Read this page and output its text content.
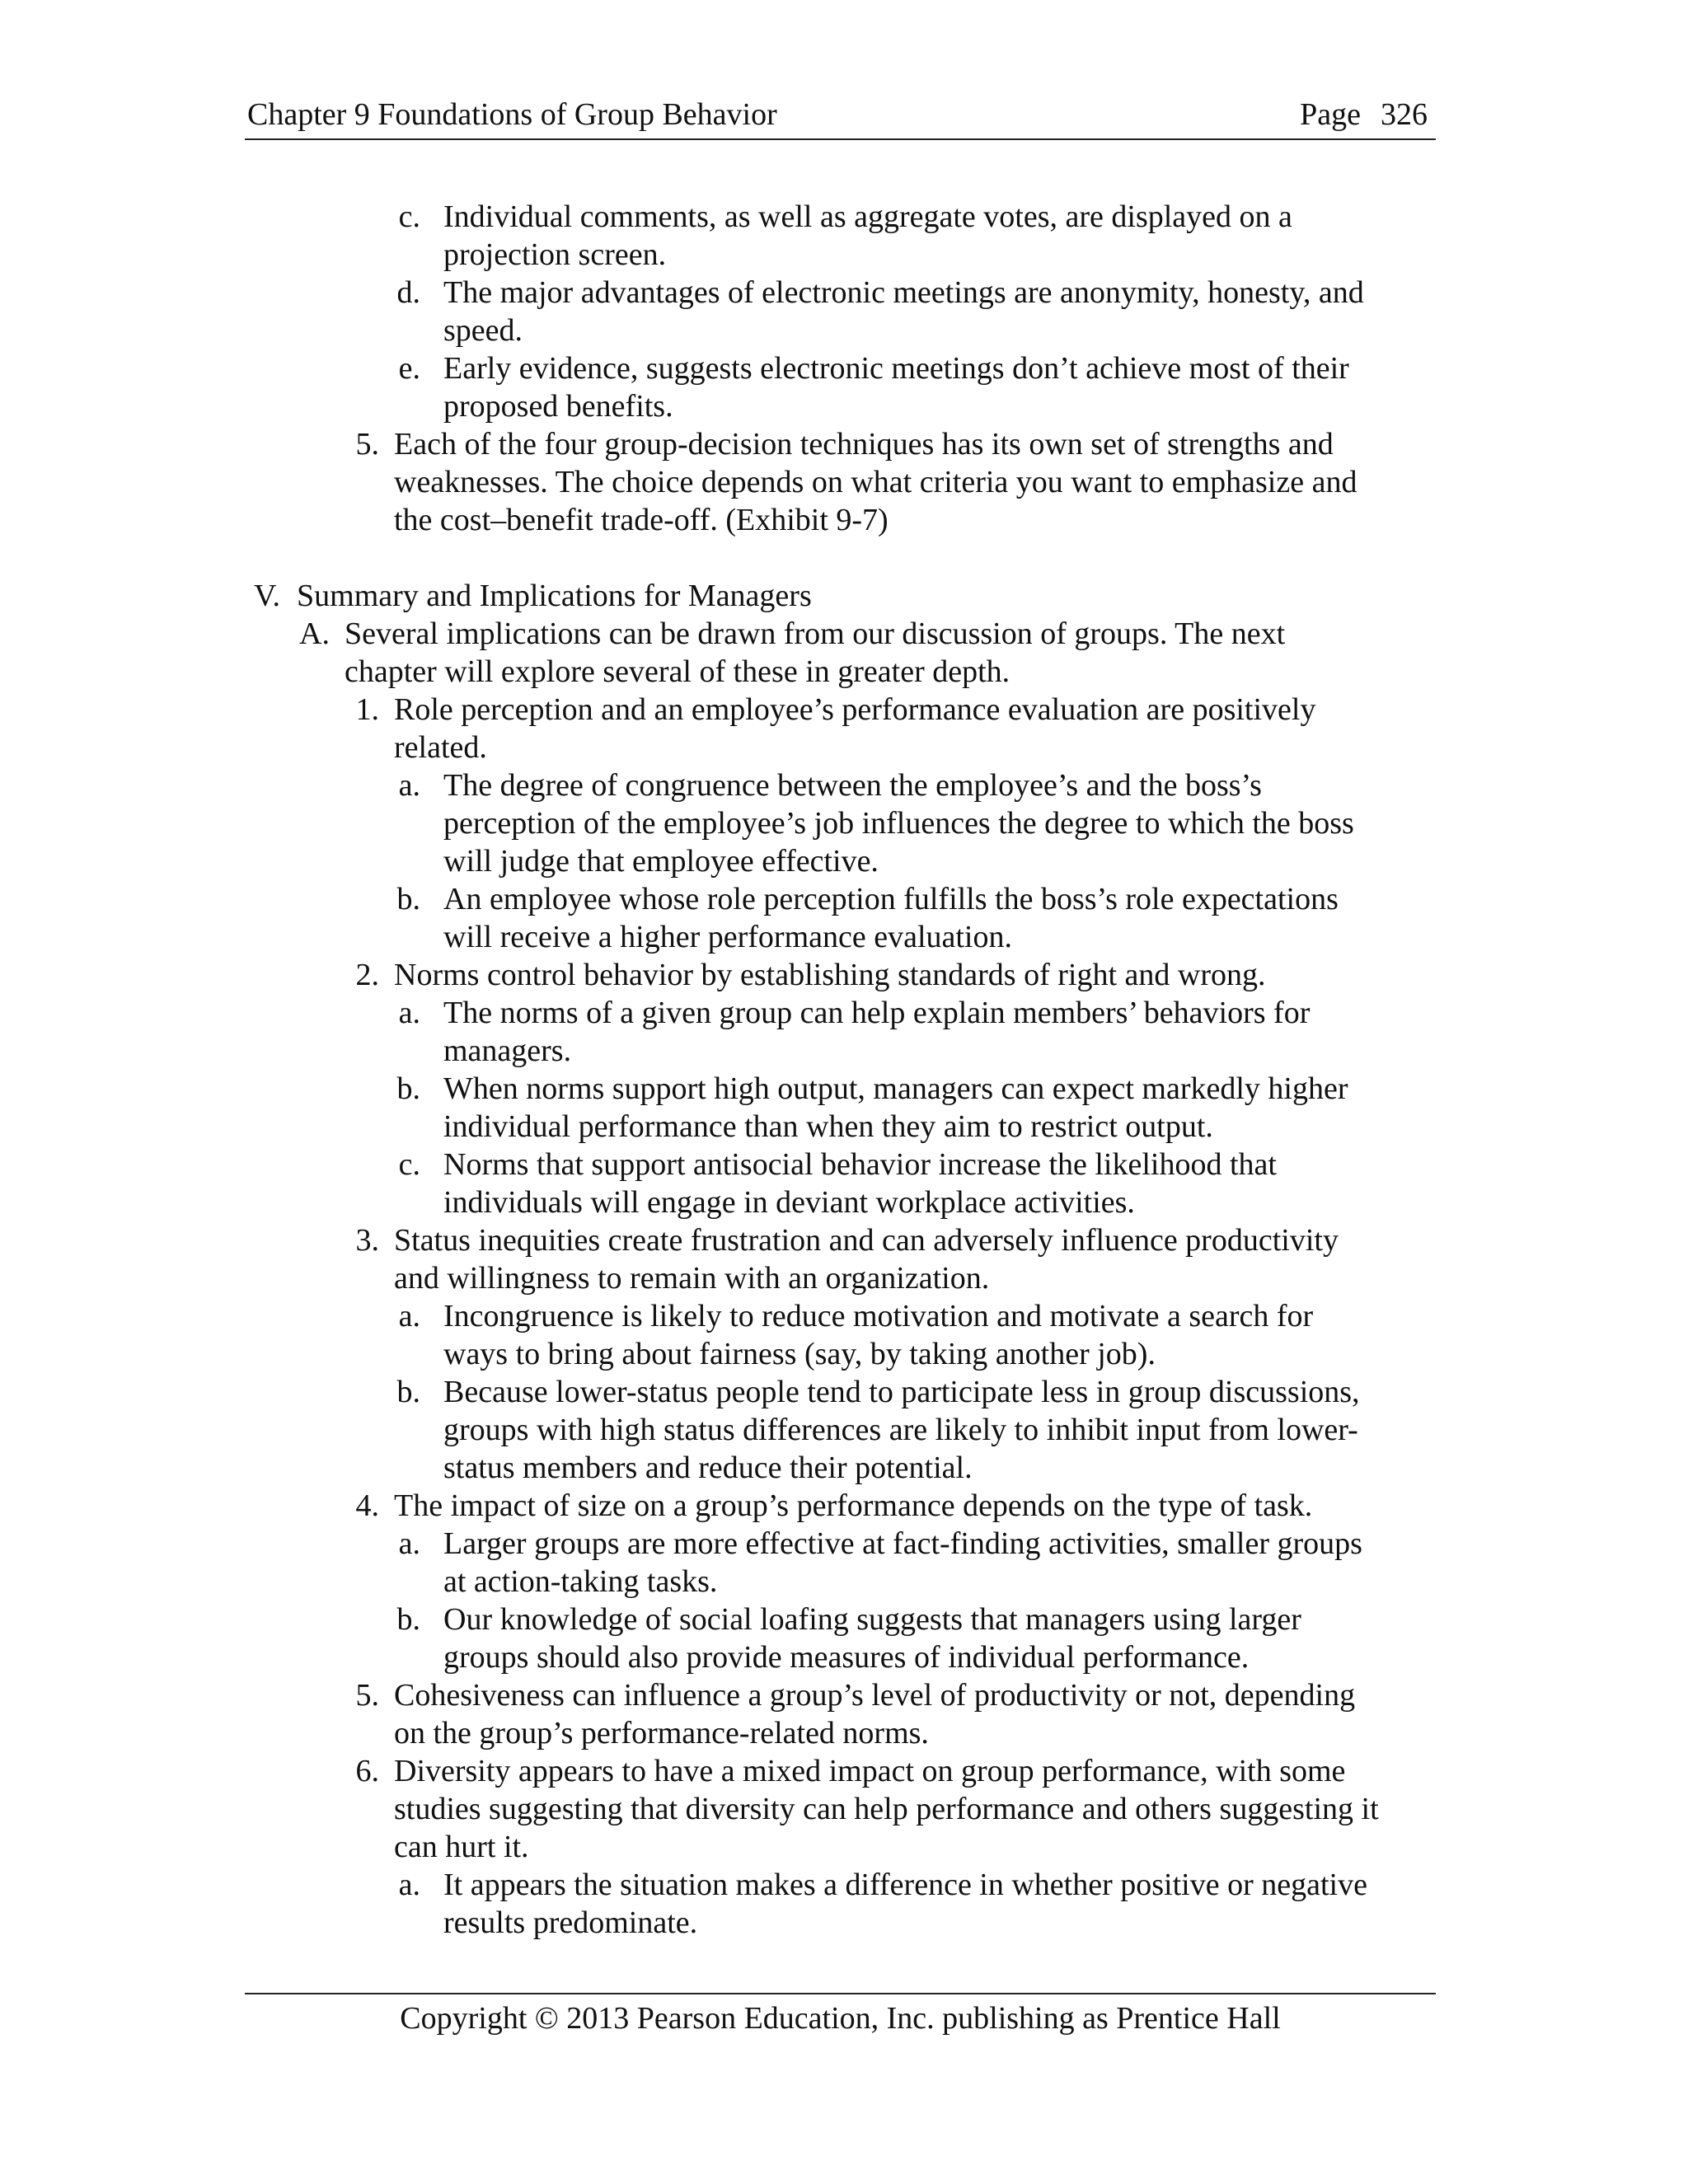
Chapter 9 Foundations of Group Behavior	Page 326
c. Individual comments, as well as aggregate votes, are displayed on a
projection screen.
d. The major advantages of electronic meetings are anonymity, honesty, and
speed.
e. Early evidence, suggests electronic meetings don’t achieve most of their
proposed benefits.
5. Each of the four group-decision techniques has its own set of strengths and
weaknesses. The choice depends on what criteria you want to emphasize and
the cost–benefit trade-off. (Exhibit 9-7)
V. Summary and Implications for Managers
A. Several implications can be drawn from our discussion of groups. The next
chapter will explore several of these in greater depth.
1. Role perception and an employee’s performance evaluation are positively
related.
a. The degree of congruence between the employee’s and the boss’s
perception of the employee’s job influences the degree to which the boss
will judge that employee effective.
b. An employee whose role perception fulfills the boss’s role expectations
will receive a higher performance evaluation.
2. Norms control behavior by establishing standards of right and wrong.
a. The norms of a given group can help explain members’ behaviors for
managers.
b. When norms support high output, managers can expect markedly higher
individual performance than when they aim to restrict output.
c. Norms that support antisocial behavior increase the likelihood that
individuals will engage in deviant workplace activities.
3. Status inequities create frustration and can adversely influence productivity
and willingness to remain with an organization.
a. Incongruence is likely to reduce motivation and motivate a search for
ways to bring about fairness (say, by taking another job).
b. Because lower-status people tend to participate less in group discussions,
groups with high status differences are likely to inhibit input from lower-
status members and reduce their potential.
4. The impact of size on a group’s performance depends on the type of task.
a. Larger groups are more effective at fact-finding activities, smaller groups
at action-taking tasks.
b. Our knowledge of social loafing suggests that managers using larger
groups should also provide measures of individual performance.
5. Cohesiveness can influence a group’s level of productivity or not, depending
on the group’s performance-related norms.
6. Diversity appears to have a mixed impact on group performance, with some
studies suggesting that diversity can help performance and others suggesting it
can hurt it.
a. It appears the situation makes a difference in whether positive or negative
results predominate.
Copyright © 2013 Pearson Education, Inc. publishing as Prentice Hall
